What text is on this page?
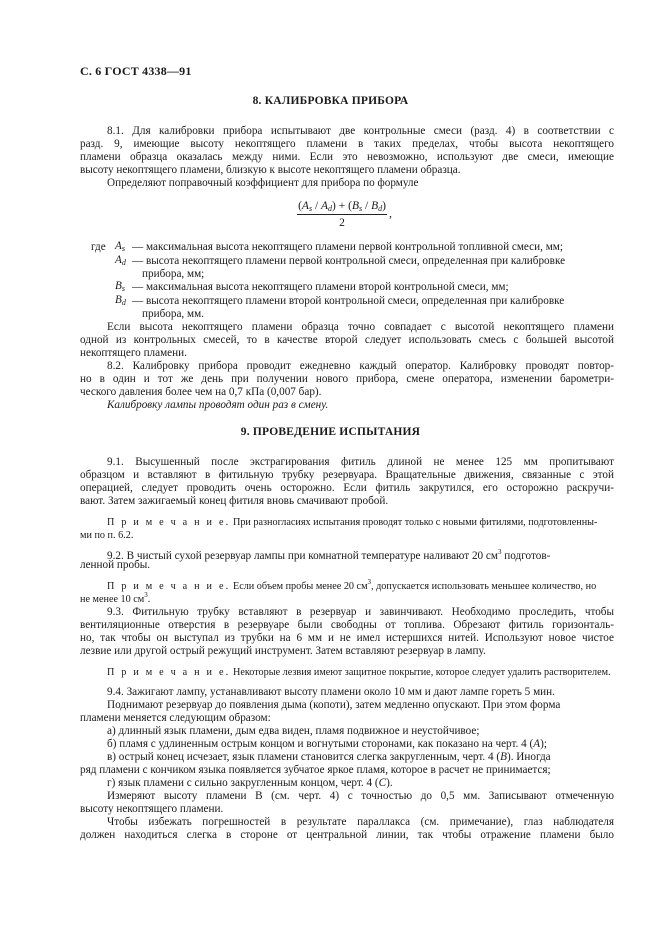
С. 6 ГОСТ 4338—91
8. КАЛИБРОВКА ПРИБОРА
8.1. Для калибровки прибора испытывают две контрольные смеси (разд. 4) в соответствии с
разд. 9, имеющие высоту некоптящего пламени в таких пределах, чтобы высота некоптящего
пламени образца оказалась между ними. Если это невозможно, используют две смеси, имеющие
высоту некоптящего пламени, близкую к высоте некоптящего пламени образца.
Определяют поправочный коэффициент для прибора по формуле
$\frac{(A_s / A_d) + (B_s / B_d)}{2}$ ,
где $A_s$ — максимальная высота некоптящего пламени первой контрольной топливной смеси, мм;
$A_d$ — высота некоптящего пламени первой контрольной смеси, определенная при калибровке
прибора, мм;
$B_s$ — максимальная высота некоптящего пламени второй контрольной смеси, мм;
$B_d$ — высота некоптящего пламени второй контрольной смеси, определенная при калибровке
прибора, мм.
Если высота некоптящего пламени образца точно совпадает с высотой некоптящего пламени
одной из контрольных смесей, то в качестве второй следует использовать смесь с большей высотой
некоптящего пламени.
8.2. Калибровку прибора проводит ежедневно каждый оператор. Калибровку проводят повтор-
но в один и тот же день при получении нового прибора, смене оператора, изменении барометри-
ческого давления более чем на 0,7 кПа (0,007 бар).
Калибровку лампы проводят один раз в смену.
9. ПРОВЕДЕНИЕ ИСПЫТАНИЯ
9.1. Высушенный после экстрагирования фитиль длиной не менее 125 мм пропитывают
образцом и вставляют в фитильную трубку резервуара. Вращательные движения, связанные с этой
операцией, следует проводить очень осторожно. Если фитиль закрутился, его осторожно раскручи-
вают. Затем зажигаемый конец фитиля вновь смачивают пробой.
П р и м е ч а н и е. При разногласиях испытания проводят только с новыми фитилями, подготовленны-
ми по п. 6.2.
9.2. В чистый сухой резервуар лампы при комнатной температуре наливают 20 $см^3$ подготов-
ленной пробы.
П р и м е ч а н и е. Если объем пробы менее 20 $см^3$, допускается использовать меньшее количество, но
не менее 10 $см^3$.
9.3. Фитильную трубку вставляют в резервуар и завинчивают. Необходимо проследить, чтобы
вентиляционные отверстия в резервуаре были свободны от топлива. Обрезают фитиль горизонталь-
но, так чтобы он выступал из трубки на 6 мм и не имел истершихся нитей. Используют новое чистое
лезвие или другой острый режущий инструмент. Затем вставляют резервуар в лампу.
П р и м е ч а н и е. Некоторые лезвия имеют защитное покрытие, которое следует удалить растворителем.
9.4. Зажигают лампу, устанавливают высоту пламени около 10 мм и дают лампе гореть 5 мин.
Поднимают резервуар до появления дыма (копоти), затем медленно опускают. При этом форма
пламени меняется следующим образом:
а) длинный язык пламени, дым едва виден, пламя подвижное и неустойчивое;
б) пламя с удлиненным острым концом и вогнутыми сторонами, как показано на черт. 4 (A);
в) острый конец исчезает, язык пламени становится слегка закругленным, черт. 4 (B). Иногда
ряд пламени с кончиком языка появляется зубчатое яркое пламя, которое в расчет не принимается;
г) язык пламени с сильно закругленным концом, черт. 4 (C).
Измеряют высоту пламени B (см. черт. 4) с точностью до 0,5 мм. Записывают отмеченную
высоту некоптящего пламени.
Чтобы избежать погрешностей в результате параллакса (см. примечание), глаз наблюдателя
должен находиться слегка в стороне от центральной линии, так чтобы отражение пламени было
